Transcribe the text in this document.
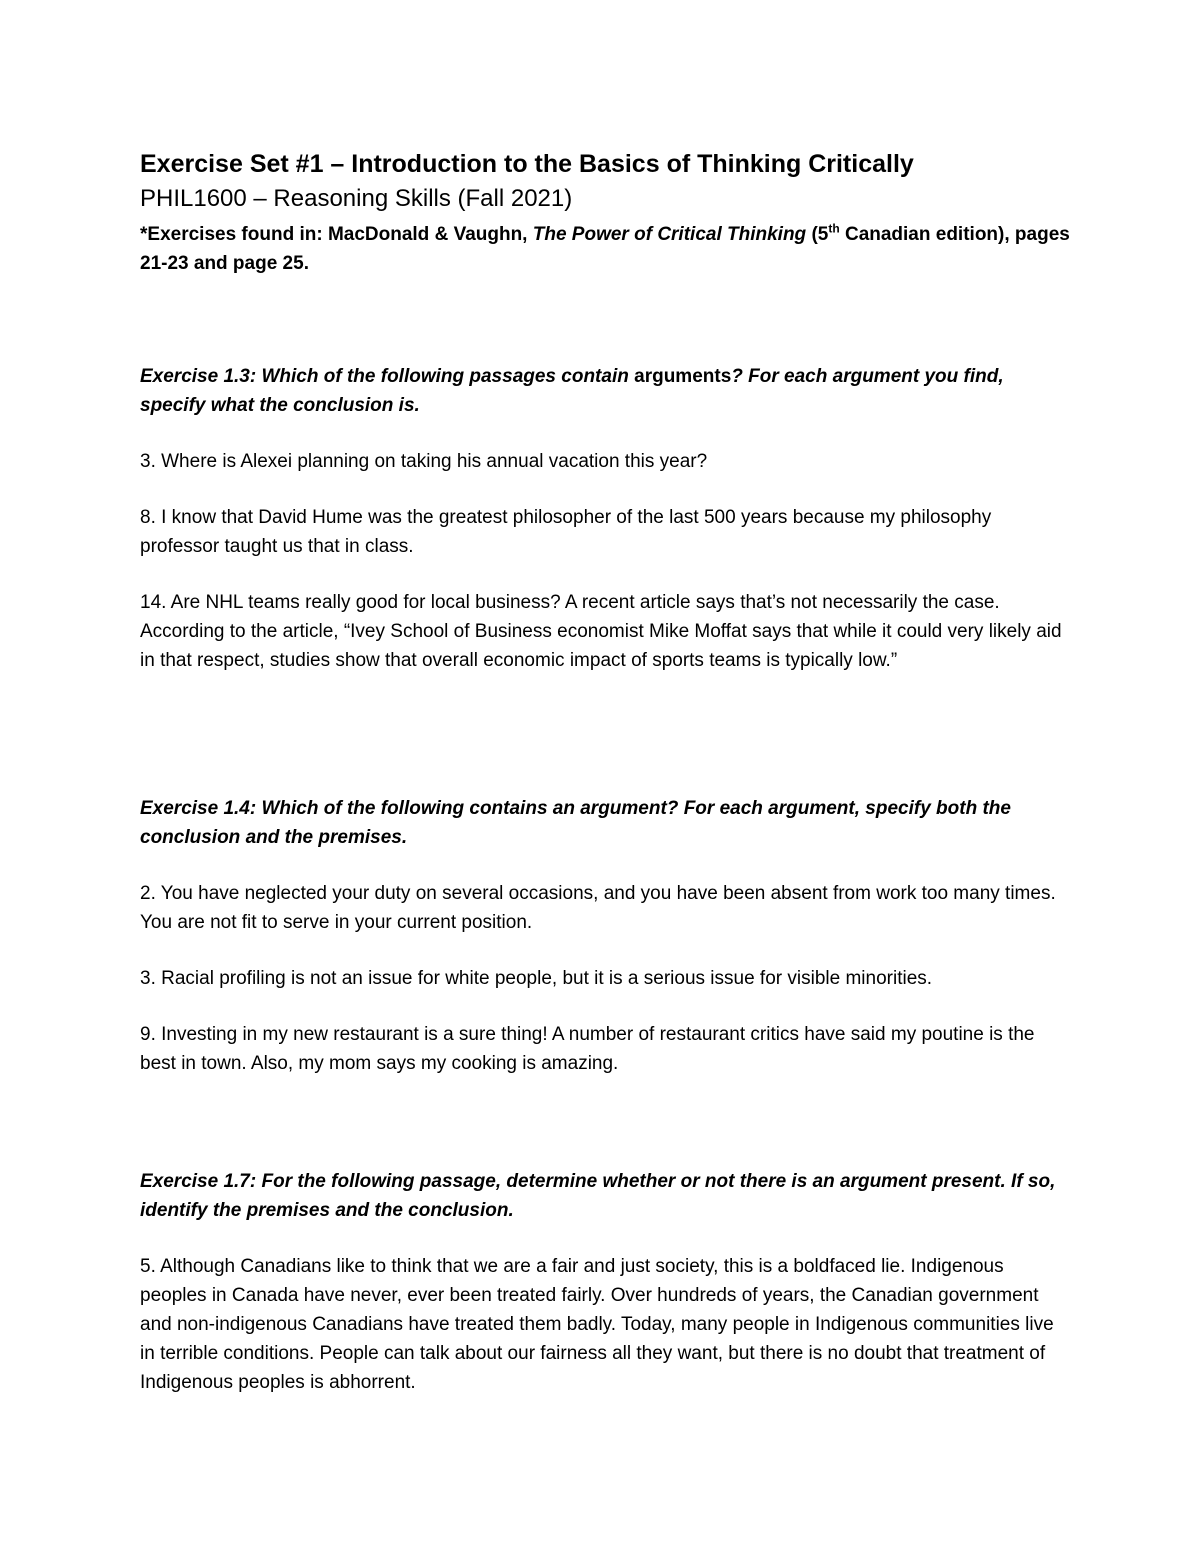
Exercise Set #1 – Introduction to the Basics of Thinking Critically
PHIL1600 – Reasoning Skills (Fall 2021)
*Exercises found in: MacDonald & Vaughn, The Power of Critical Thinking (5th Canadian edition), pages 21-23 and page 25.
Exercise 1.3: Which of the following passages contain arguments? For each argument you find, specify what the conclusion is.

3. Where is Alexei planning on taking his annual vacation this year?

8. I know that David Hume was the greatest philosopher of the last 500 years because my philosophy professor taught us that in class.

14. Are NHL teams really good for local business? A recent article says that’s not necessarily the case. According to the article, “Ivey School of Business economist Mike Moffat says that while it could very likely aid in that respect, studies show that overall economic impact of sports teams is typically low.”

Exercise 1.4: Which of the following contains an argument? For each argument, specify both the conclusion and the premises.

2. You have neglected your duty on several occasions, and you have been absent from work too many times. You are not fit to serve in your current position.

3. Racial profiling is not an issue for white people, but it is a serious issue for visible minorities.

9. Investing in my new restaurant is a sure thing! A number of restaurant critics have said my poutine is the best in town. Also, my mom says my cooking is amazing.

Exercise 1.7: For the following passage, determine whether or not there is an argument present. If so, identify the premises and the conclusion.

5. Although Canadians like to think that we are a fair and just society, this is a boldfaced lie. Indigenous peoples in Canada have never, ever been treated fairly. Over hundreds of years, the Canadian government and non-indigenous Canadians have treated them badly. Today, many people in Indigenous communities live in terrible conditions. People can talk about our fairness all they want, but there is no doubt that treatment of Indigenous peoples is abhorrent.
